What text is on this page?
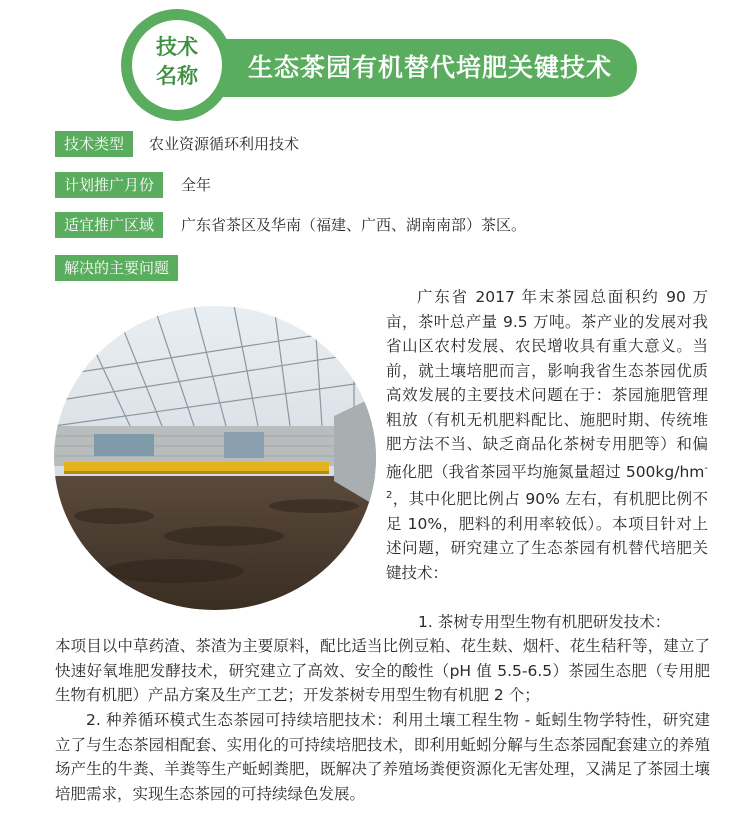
生态茶园有机替代培肥关键技术
技术
名称
技术类型	农业资源循环利用技术
计划推广月份	全年
适宜推广区域	广东省茶区及华南（福建、广西、湖南南部）茶区。
解决的主要问题
广东省 2017 年末茶园总面积约 90 万亩，茶叶总产量 9.5 万吨。茶产业的发展对我省山区农村发展、农民增收具有重大意义。当前，就土壤培肥而言，影响我省生态茶园优质高效发展的主要技术问题在于：茶园施肥管理粗放（有机无机肥料配比、施肥时期、传统堆肥方法不当、缺乏商品化茶树专用肥等）和偏施化肥（我省茶园平均施氮量超过 $500kg/hm^{-2}$，其中化肥比例占 90% 左右，有机肥比例不足 10%，肥料的利用率较低）。本项目针对上述问题，研究建立了生态茶园有机替代培肥关键技术：
1. 茶树专用型生物有机肥研发技术：
本项目以中草药渣、茶渣为主要原料，配比适当比例豆粕、花生麸、烟杆、花生秸秆等，建立了快速好氧堆肥发酵技术，研究建立了高效、安全的酸性（pH 值 5.5-6.5）茶园生态肥（专用肥生物有机肥）产品方案及生产工艺；开发茶树专用型生物有机肥 2 个；
2. 种养循环模式生态茶园可持续培肥技术：利用土壤工程生物 - 蚯蚓生物学特性，研究建立了与生态茶园相配套、实用化的可持续培肥技术，即利用蚯蚓分解与生态茶园配套建立的养殖场产生的牛粪、羊粪等生产蚯蚓粪肥，既解决了养殖场粪便资源化无害处理，又满足了茶园土壤培肥需求，实现生态茶园的可持续绿色发展。
